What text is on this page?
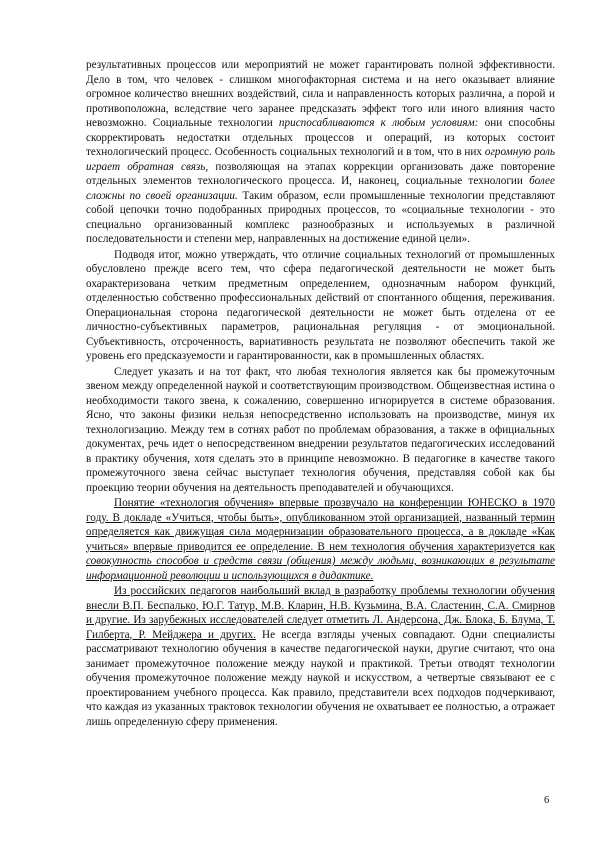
результативных процессов или мероприятий не может гарантировать полной эффективности. Дело в том, что человек - слишком многофакторная система и на него оказывает влияние огромное количество внешних воздействий, сила и направленность которых различна, а порой и противоположна, вследствие чего заранее предсказать эффект того или иного влияния часто невозможно. Социальные технологии приспосабливаются к любым условиям: они способны скорректировать недостатки отдельных процессов и операций, из которых состоит технологический процесс. Особенность социальных технологий и в том, что в них огромную роль играет обратная связь, позволяющая на этапах коррекции организовать даже повторение отдельных элементов технологического процесса. И, наконец, социальные технологии более сложны по своей организации. Таким образом, если промышленные технологии представляют собой цепочки точно подобранных природных процессов, то «социальные технологии - это специально организованный комплекс разнообразных и используемых в различной последовательности и степени мер, направленных на достижение единой цели».

Подводя итог, можно утверждать, что отличие социальных технологий от промышленных обусловлено прежде всего тем, что сфера педагогической деятельности не может быть охарактеризована четким предметным определением, однозначным набором функций, отделенностью собственно профессиональных действий от спонтанного общения, переживания. Операциональная сторона педагогической деятельности не может быть отделена от ее личностно-субъективных параметров, рациональная регуляция - от эмоциональной. Субъективность, отсроченность, вариативность результата не позволяют обеспечить такой же уровень его предсказуемости и гарантированности, как в промышленных областях.

Следует указать и на тот факт, что любая технология является как бы промежуточным звеном между определенной наукой и соответствующим производством. Общеизвестная истина о необходимости такого звена, к сожалению, совершенно игнорируется в системе образования. Ясно, что законы физики нельзя непосредственно использовать на производстве, минуя их технологизацию. Между тем в сотнях работ по проблемам образования, а также в официальных документах, речь идет о непосредственном внедрении результатов педагогических исследований в практику обучения, хотя сделать это в принципе невозможно. В педагогике в качестве такого промежуточного звена сейчас выступает технология обучения, представляя собой как бы проекцию теории обучения на деятельность преподавателей и обучающихся.

Понятие «технология обучения» впервые прозвучало на конференции ЮНЕСКО в 1970 году. В докладе «Учиться, чтобы быть», опубликованном этой организацией, названный термин определяется как движущая сила модернизации образовательного процесса, а в докладе «Как учиться» впервые приводится ее определение. В нем технология обучения характеризуется как совокупность способов и средств связи (общения) между людьми, возникающих в результате информационной революции и использующихся в дидактике.

Из российских педагогов наибольший вклад в разработку проблемы технологии обучения внесли В.П. Беспалько, Ю.Г. Татур, М.В. Кларин, Н.В. Кузьмина, В.А. Сластенин, С.А. Смирнов и другие. Из зарубежных исследователей следует отметить Л. Андерсона, Дж. Блока, Б. Блума, Т. Гилберта, Р. Мейджера и других. Не всегда взгляды ученых совпадают. Одни специалисты рассматривают технологию обучения в качестве педагогической науки, другие считают, что она занимает промежуточное положение между наукой и практикой. Третьи отводят технологии обучения промежуточное положение между наукой и искусством, а четвертые связывают ее с проектированием учебного процесса. Как правило, представители всех подходов подчеркивают, что каждая из указанных трактовок технологии обучения не охватывает ее полностью, а отражает лишь определенную сферу применения.

6
